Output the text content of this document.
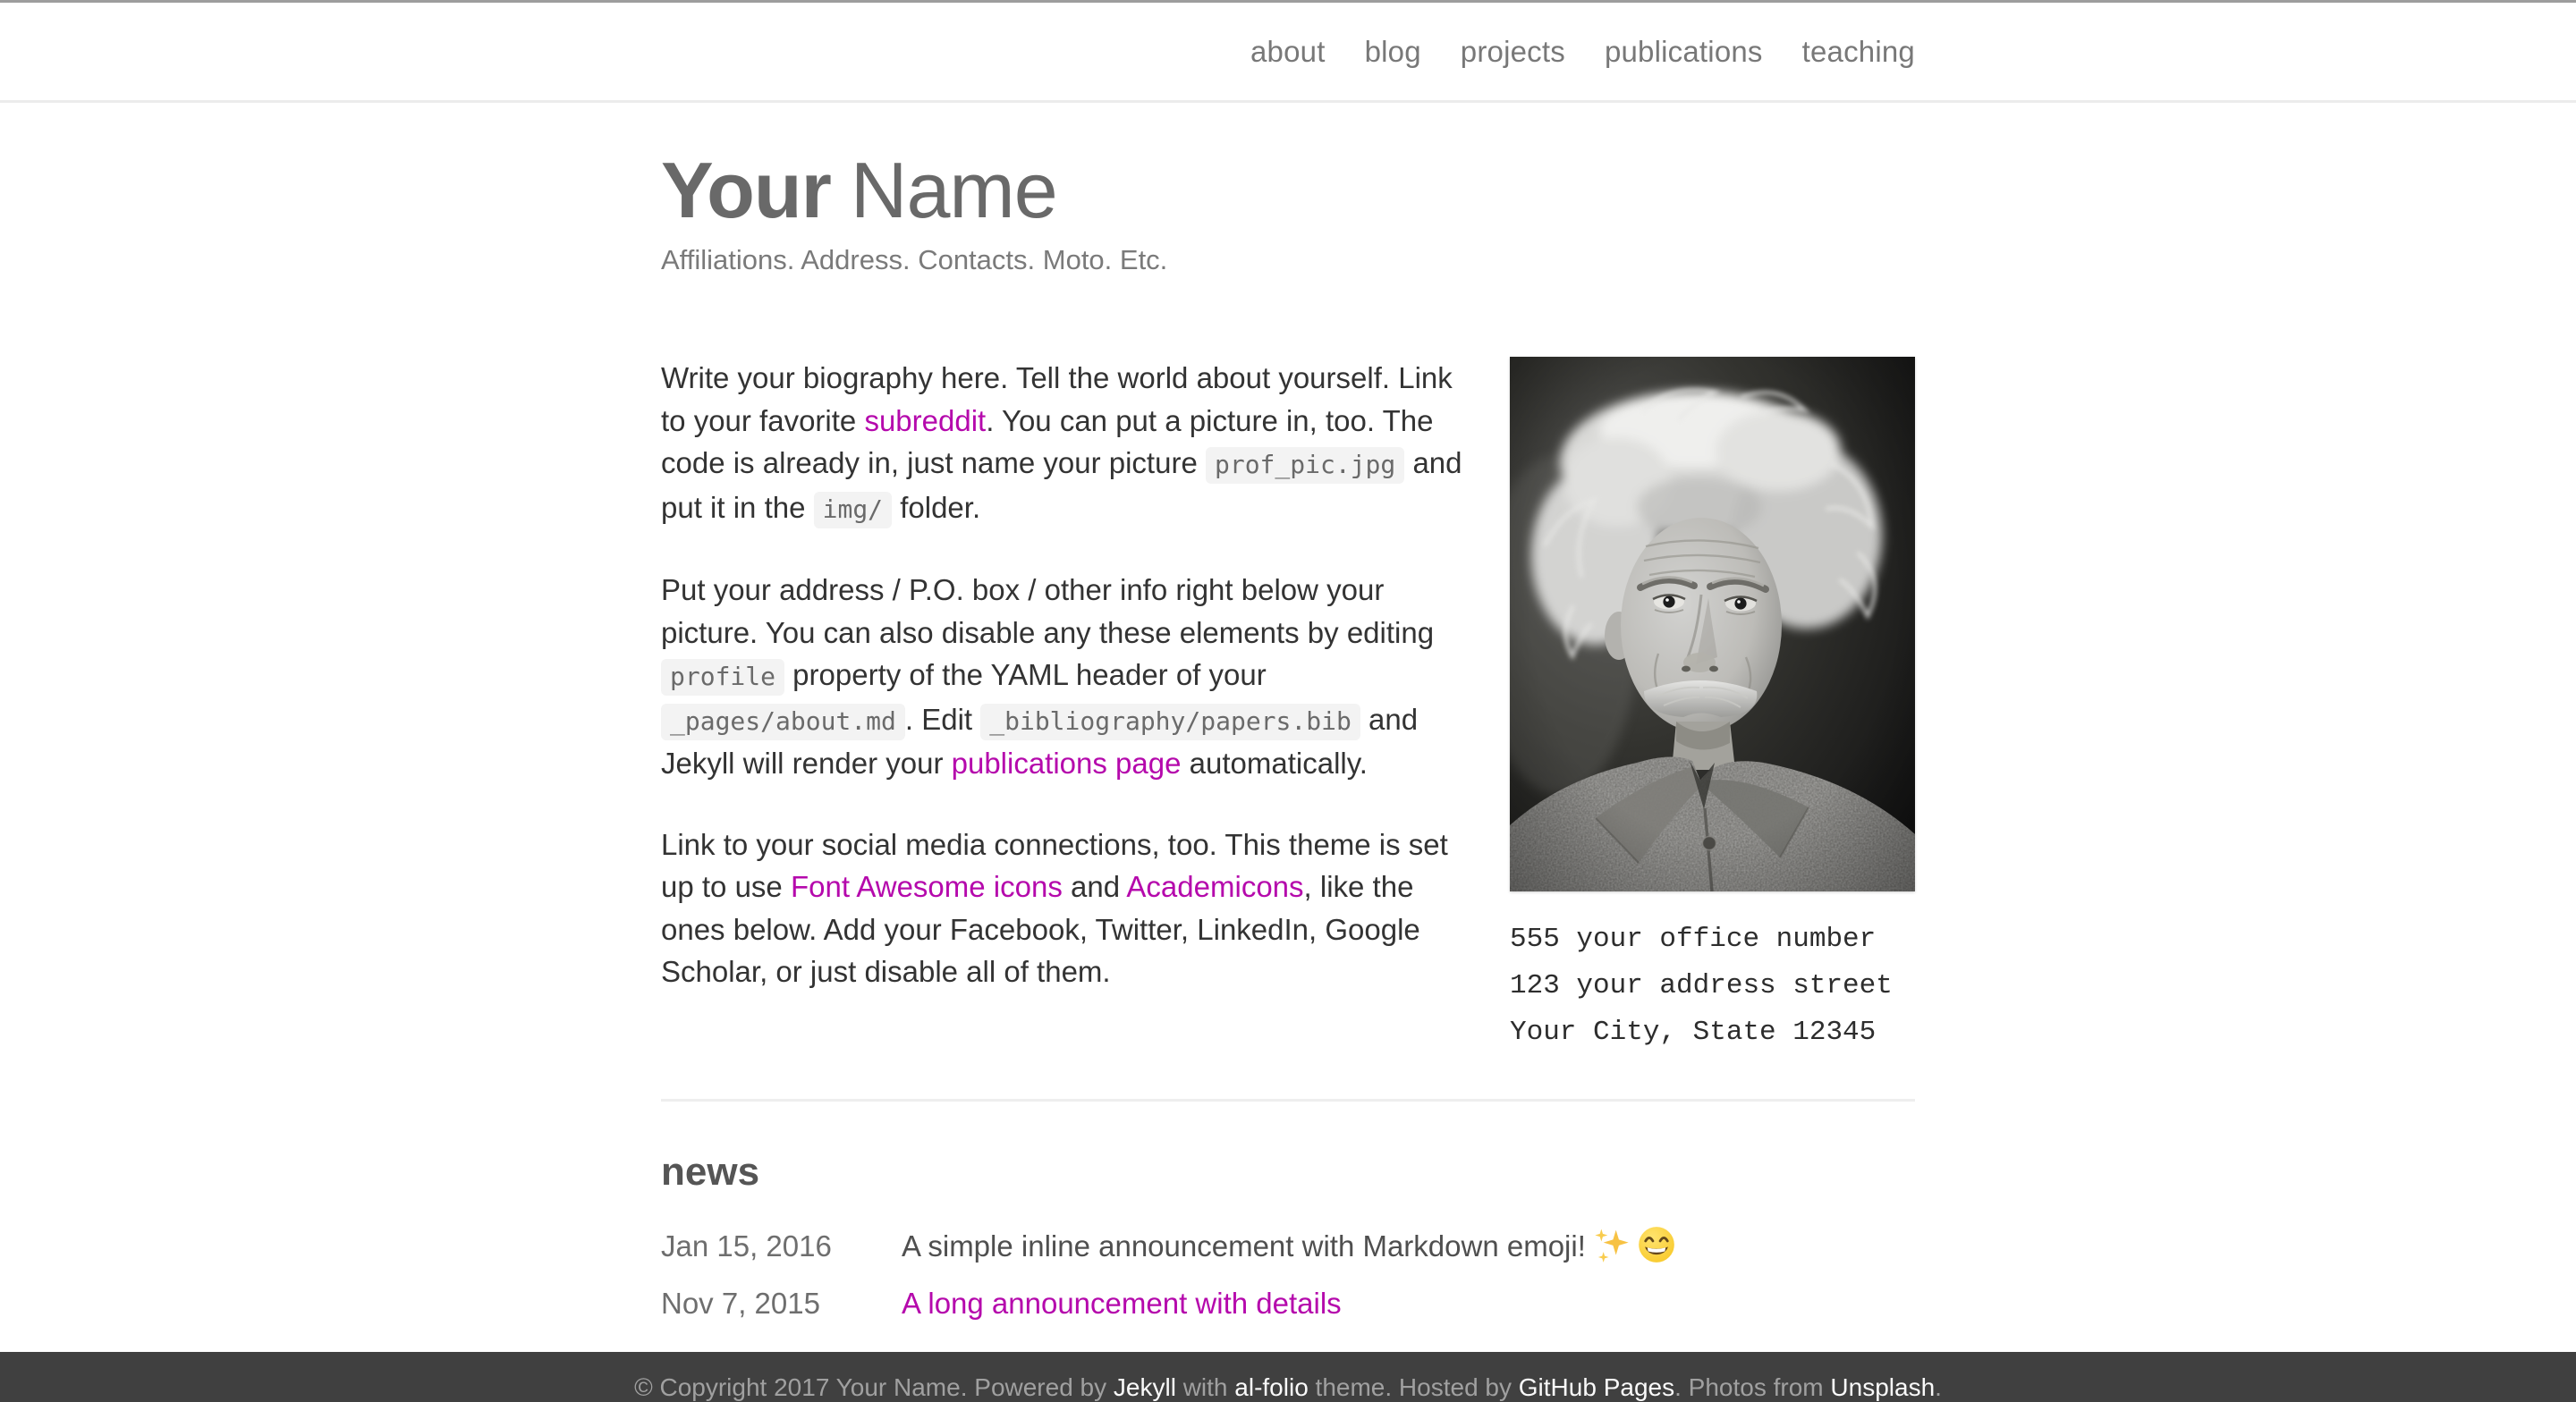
about blog projects publications teaching
Your Name
Affiliations. Address. Contacts. Moto. Etc.

Write your biography here. Tell the world about yourself. Link to your favorite subreddit. You can put a picture in, too. The code is already in, just name your picture prof_pic.jpg and put it in the img/ folder.

Put your address / P.O. box / other info right below your picture. You can also disable any these elements by editing profile property of the YAML header of your _pages/about.md . Edit _bibliography/papers.bib and Jekyll will render your publications page automatically.

Link to your social media connections, too. This theme is set up to use Font Awesome icons and Academicons, like the ones below. Add your Facebook, Twitter, LinkedIn, Google Scholar, or just disable all of them.

555 your office number
123 your address street
Your City, State 12345
news
Jan 15, 2016	A simple inline announcement with Markdown emoji!
Nov 7, 2015	A long announcement with details
© Copyright 2017 Your Name. Powered by Jekyll with al-folio theme. Hosted by GitHub Pages. Photos from Unsplash.
